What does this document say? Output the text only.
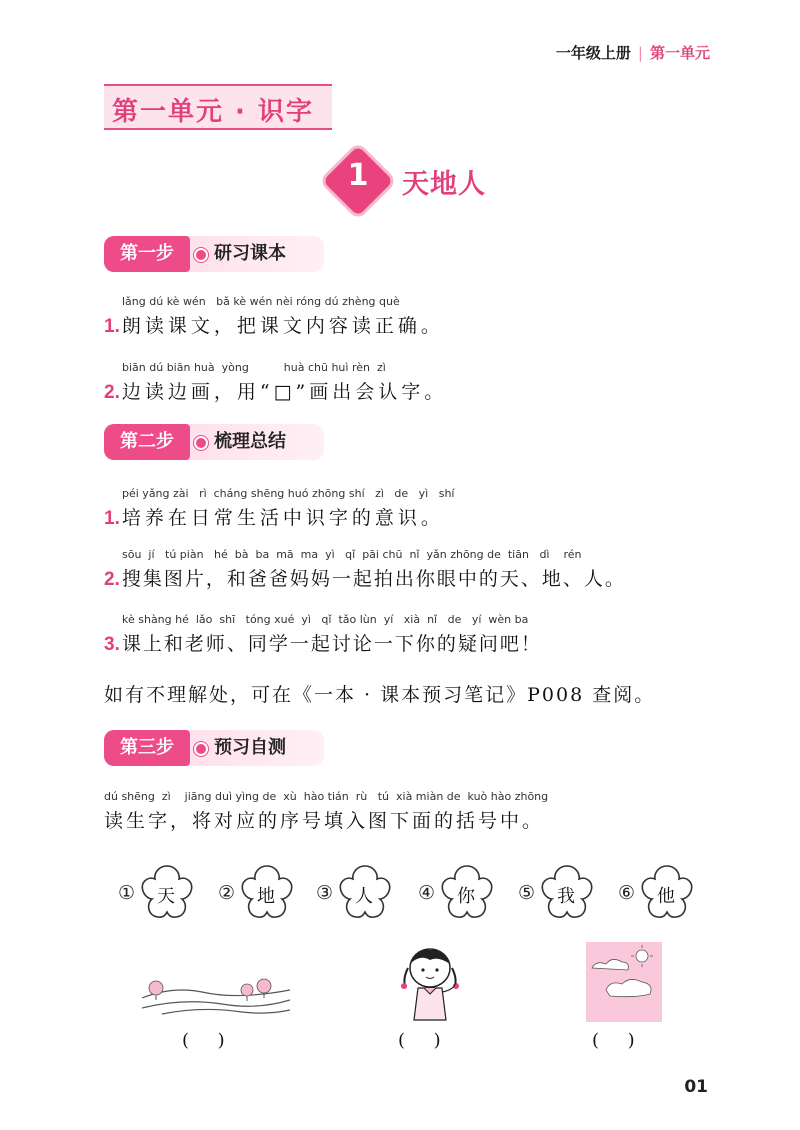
一年级上册 | 第一单元
第一单元 · 识字
1	天地人
第一步	研习课本
lǎng dú kè wén   bǎ kè wén nèi róng dú zhèng què
1. 朗读课文，把课文内容读正确。
biān dú biān huà  yòng          huà chū huì rèn  zì
2. 边读边画，用“□”画出会认字。
第二步	梳理总结
péi yǎng zài   rì  cháng shēng huó zhōng shí   zì   de   yì   shí
1. 培养在日常生活中识字的意识。
sōu  jí   tú piàn   hé  bà  ba  mā  ma  yì   qǐ  pāi chū  nǐ  yǎn zhōng de  tiān   dì    rén
2. 搜集图片，和爸爸妈妈一起拍出你眼中的天、地、人。
kè shàng hé  lǎo  shī   tóng xué  yì   qǐ  tǎo lùn  yí   xià  nǐ   de   yí  wèn ba
3. 课上和老师、同学一起讨论一下你的疑问吧！
如有不理解处，可在《一本 · 课本预习笔记》P008 查阅。
第三步	预习自测
dú shēng  zì    jiāng duì yìng de  xù  hào tián  rù   tú  xià miàn de  kuò hào zhōng
读生字，将对应的序号填入图下面的括号中。
①	天	②	地	③	人	④	你	⑤	我	⑥	他
(     )	(     )	(     )
01
